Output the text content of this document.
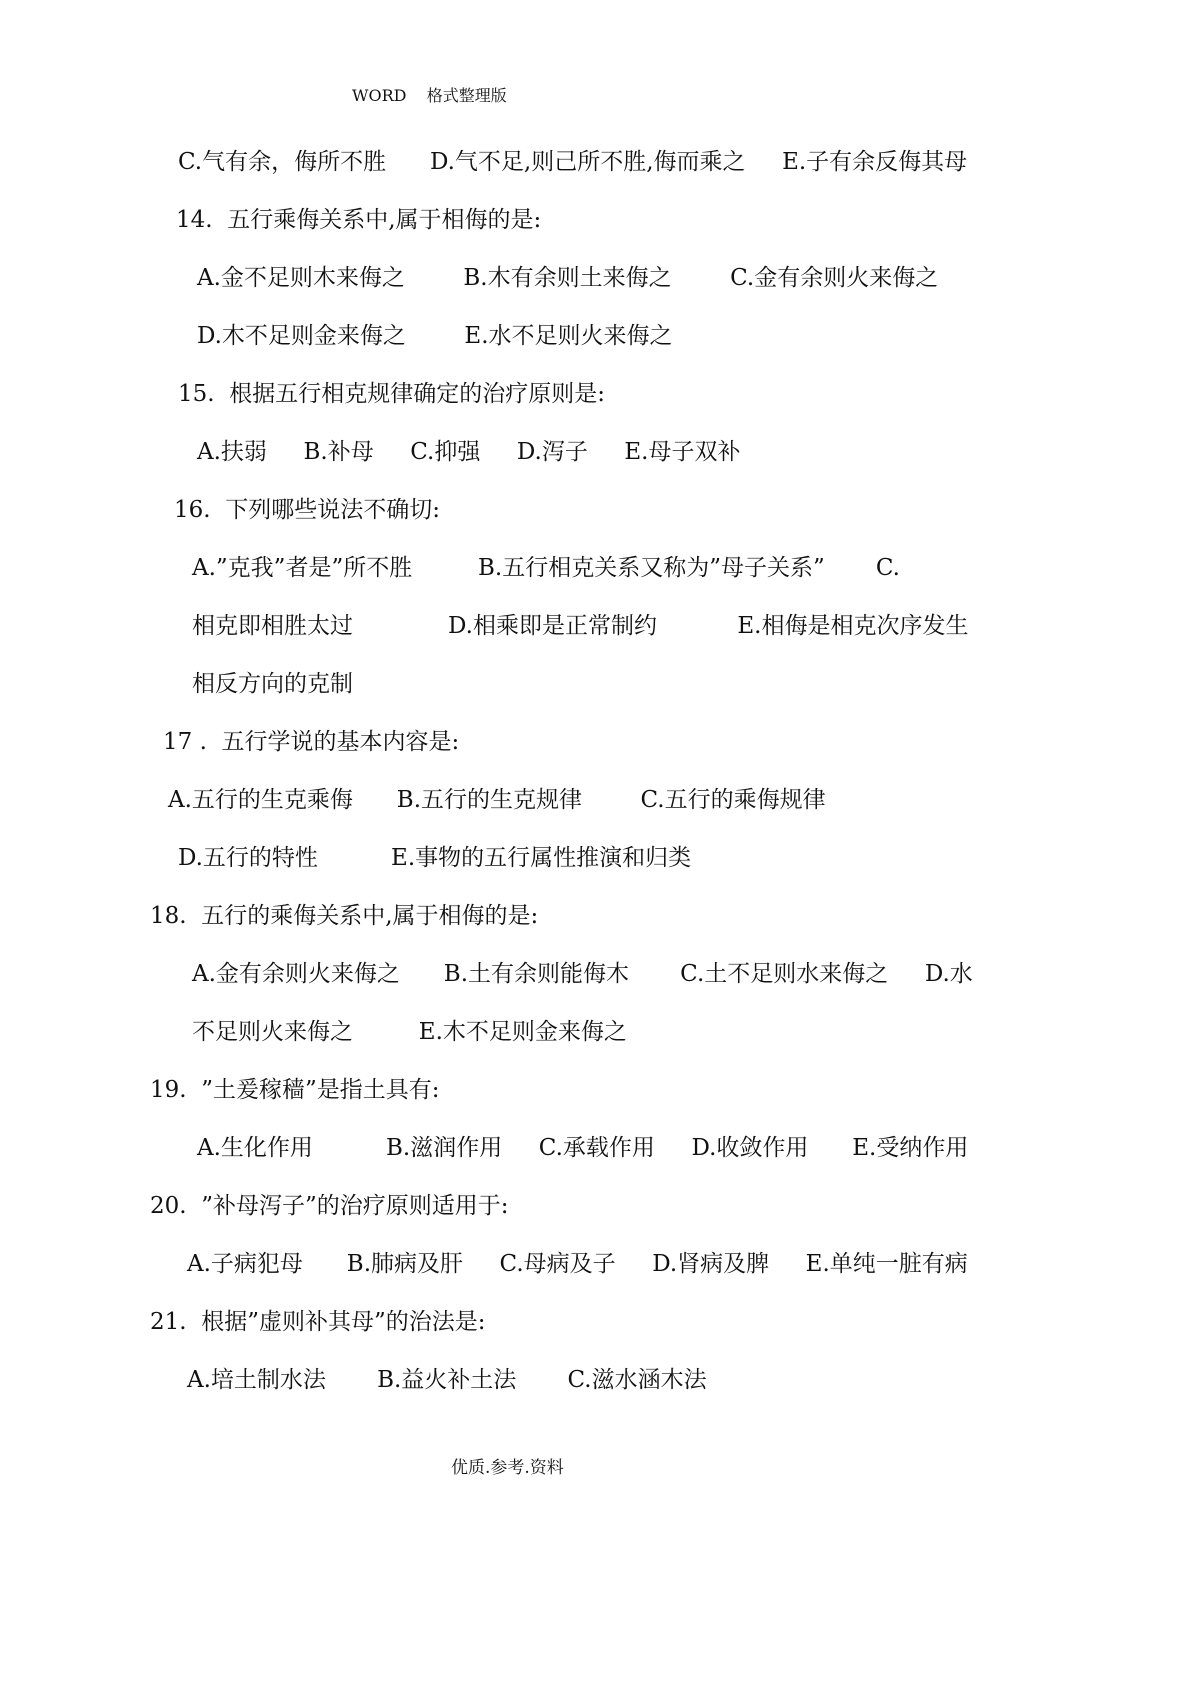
WORD    格式整理版
C.气有余，侮所不胜      D.气不足,则己所不胜,侮而乘之     E.子有余反侮其母
14.  五行乘侮关系中,属于相侮的是:
A.金不足则木来侮之        B.木有余则土来侮之        C.金有余则火来侮之
D.木不足则金来侮之        E.水不足则火来侮之
15.  根据五行相克规律确定的治疗原则是:
A.扶弱     B.补母     C.抑强     D.泻子     E.母子双补
16.  下列哪些说法不确切:
A.”克我”者是”所不胜         B.五行相克关系又称为”母子关系”       C.
相克即相胜太过             D.相乘即是正常制约           E.相侮是相克次序发生
相反方向的克制
17 .  五行学说的基本内容是:
A.五行的生克乘侮      B.五行的生克规律        C.五行的乘侮规律
D.五行的特性          E.事物的五行属性推演和归类
18.  五行的乘侮关系中,属于相侮的是:
A.金有余则火来侮之      B.土有余则能侮木       C.土不足则水来侮之     D.水
不足则火来侮之         E.木不足则金来侮之
19.  ”土爰稼穑”是指土具有:
A.生化作用          B.滋润作用     C.承载作用     D.收敛作用      E.受纳作用
20.  ”补母泻子”的治疗原则适用于:
A.子病犯母      B.肺病及肝     C.母病及子     D.肾病及脾     E.单纯一脏有病
21.  根据”虚则补其母”的治法是:
A.培土制水法       B.益火补土法       C.滋水涵木法
优质.参考.资料
